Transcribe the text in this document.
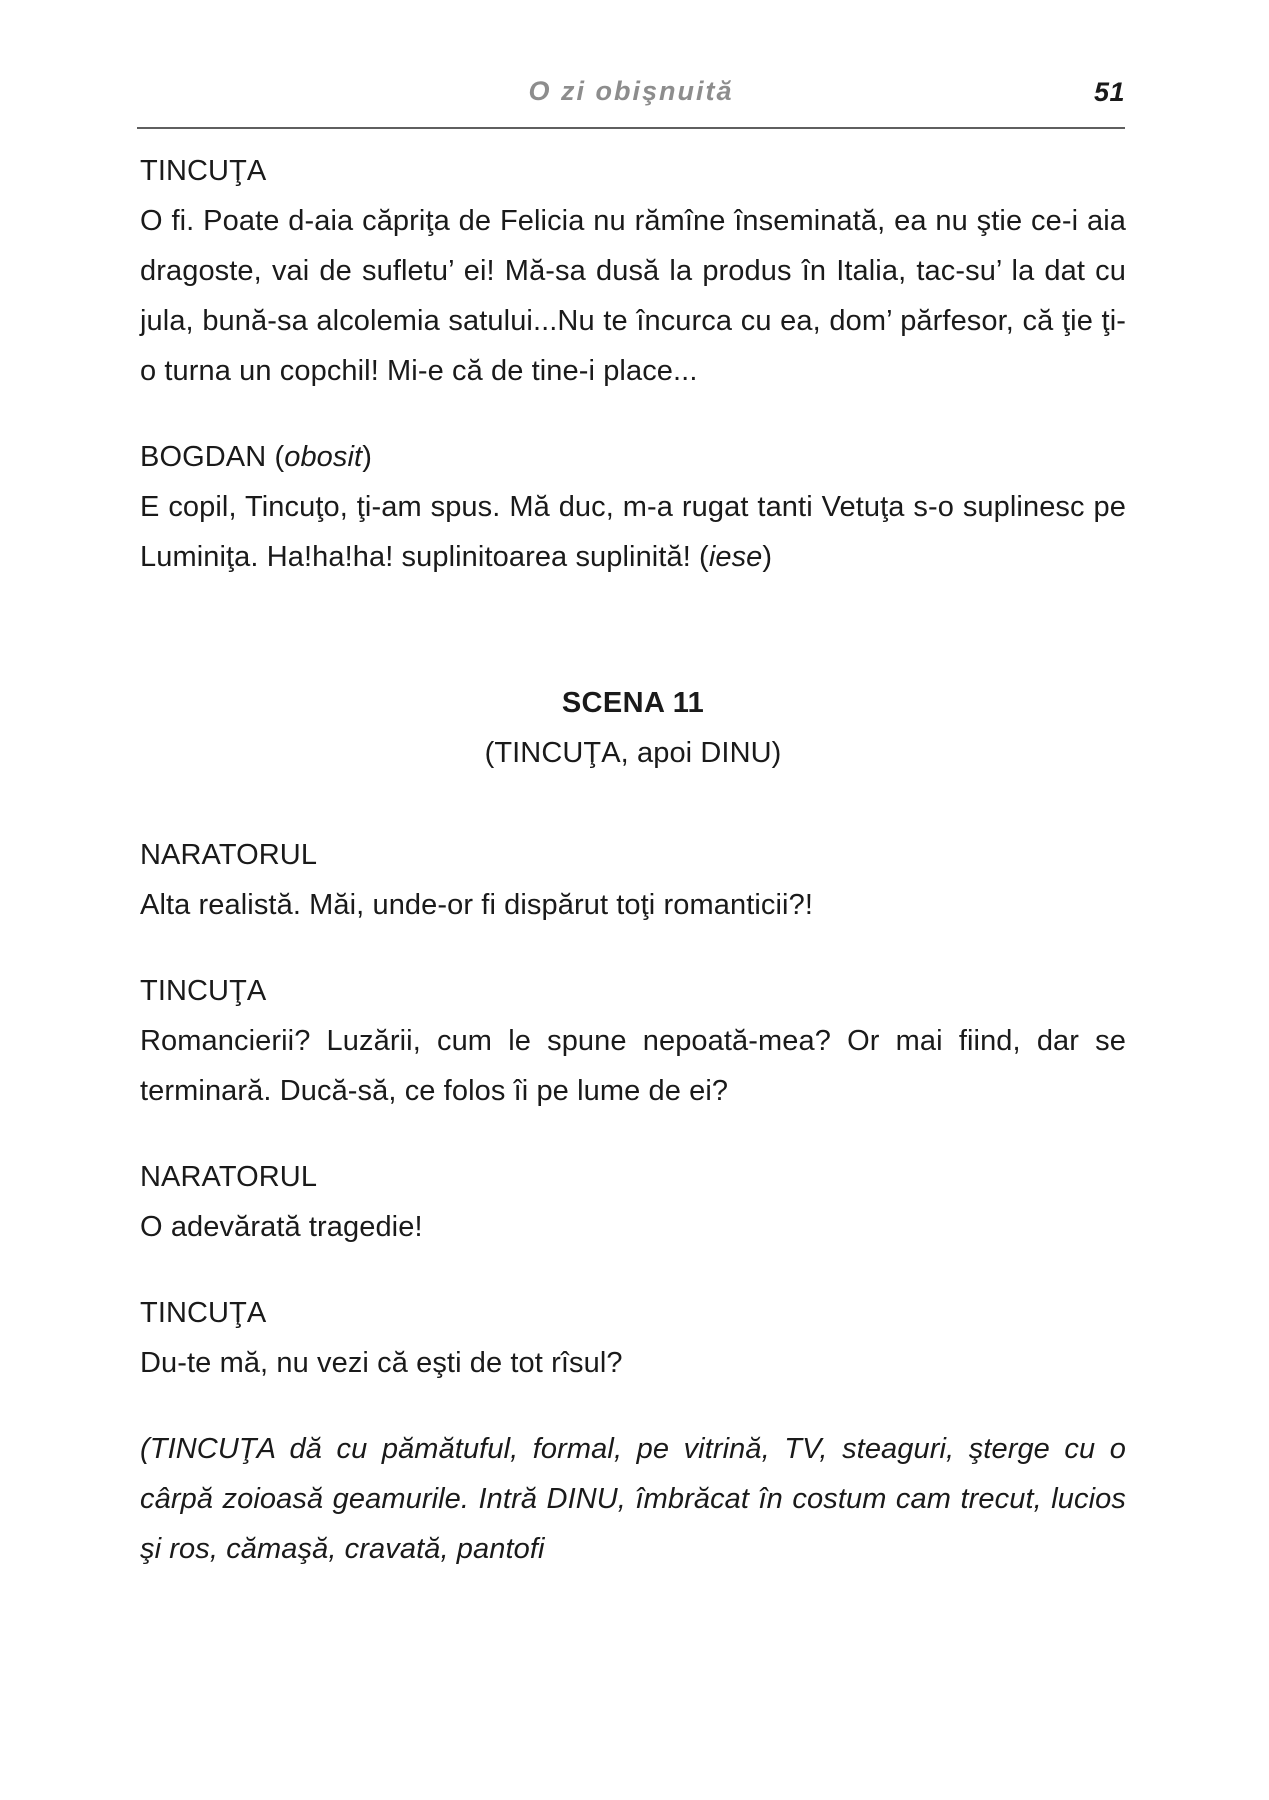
O zi obişnuită	51
TINCUŢA

O fi. Poate d-aia căpriţa de Felicia nu rămîne înseminată, ea nu ştie ce-i aia dragoste, vai de sufletu’ ei! Mă-sa dusă la produs în Italia, tac-su’ la dat cu jula, bună-sa alcolemia satului...Nu te încurca cu ea, dom’ părfesor, că ţie ţi-o turna un copchil! Mi-e că de tine-i place...

BOGDAN (obosit)

E copil, Tincuţo, ţi-am spus. Mă duc, m-a rugat tanti Vetuţa s-o suplinesc pe Luminiţa. Ha!ha!ha! suplinitoarea suplinită! (iese)

SCENA 11
(TINCUŢA, apoi DINU)
NARATORUL

Alta realistă. Măi, unde-or fi dispărut toţi romanticii?!

TINCUŢA

Romancierii? Luzării, cum le spune nepoată-mea? Or mai fiind, dar se terminară. Ducă-să, ce folos îi pe lume de ei?

NARATORUL

O adevărată tragedie!

TINCUŢA

Du-te mă, nu vezi că eşti de tot rîsul?

(TINCUŢA dă cu pămătuful, formal, pe vitrină, TV, steaguri, şterge cu o cârpă zoioasă geamurile. Intră DINU, îmbrăcat în costum cam trecut, lucios şi ros, cămaşă, cravată, pantofi
